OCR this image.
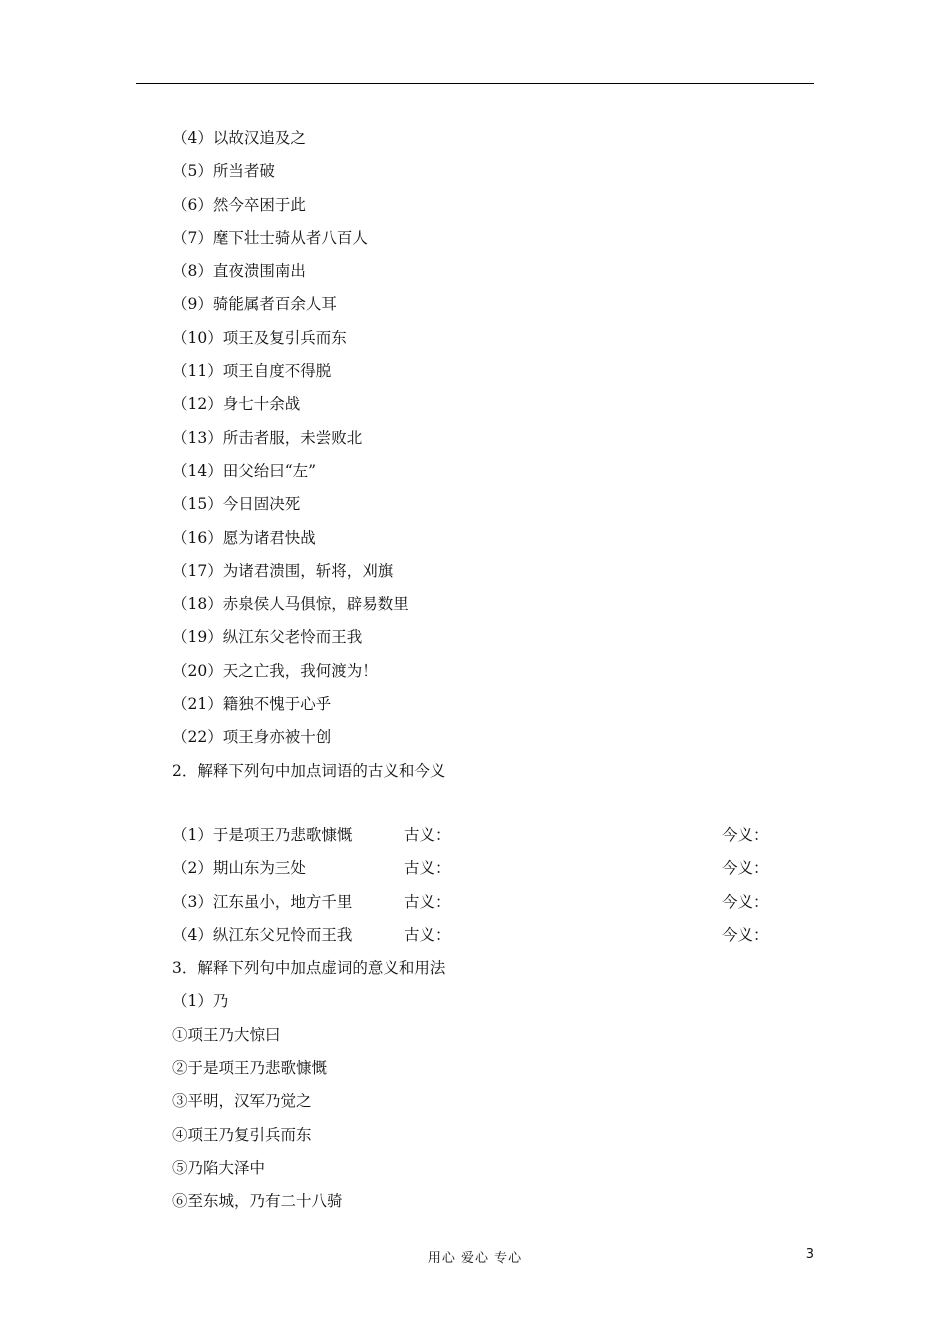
（4）以故汉追及之
（5）所当者破
（6）然今卒困于此
（7）麾下壮士骑从者八百人
（8）直夜溃围南出
（9）骑能属者百余人耳
（10）项王及复引兵而东
（11）项王自度不得脱
（12）身七十余战
（13）所击者服，未尝败北
（14）田父绐曰“左”
（15）今日固决死
（16）愿为诸君快战
（17）为诸君溃围，斩将，刈旗
（18）赤泉侯人马俱惊，辟易数里
（19）纵江东父老怜而王我
（20）天之亡我，我何渡为！
（21）籍独不愧于心乎
（22）项王身亦被十创
2．解释下列句中加点词语的古义和今义
（1）于是项王乃悲歌慷慨	古义：	今义：
（2）期山东为三处	古义：	今义：
（3）江东虽小，地方千里	古义：	今义：
（4）纵江东父兄怜而王我	古义：	今义：
3．解释下列句中加点虚词的意义和用法
（1）乃
①项王乃大惊曰
②于是项王乃悲歌慷慨
③平明，汉军乃觉之
④项王乃复引兵而东
⑤乃陷大泽中
⑥至东城，乃有二十八骑
用心 爱心 专心	3
